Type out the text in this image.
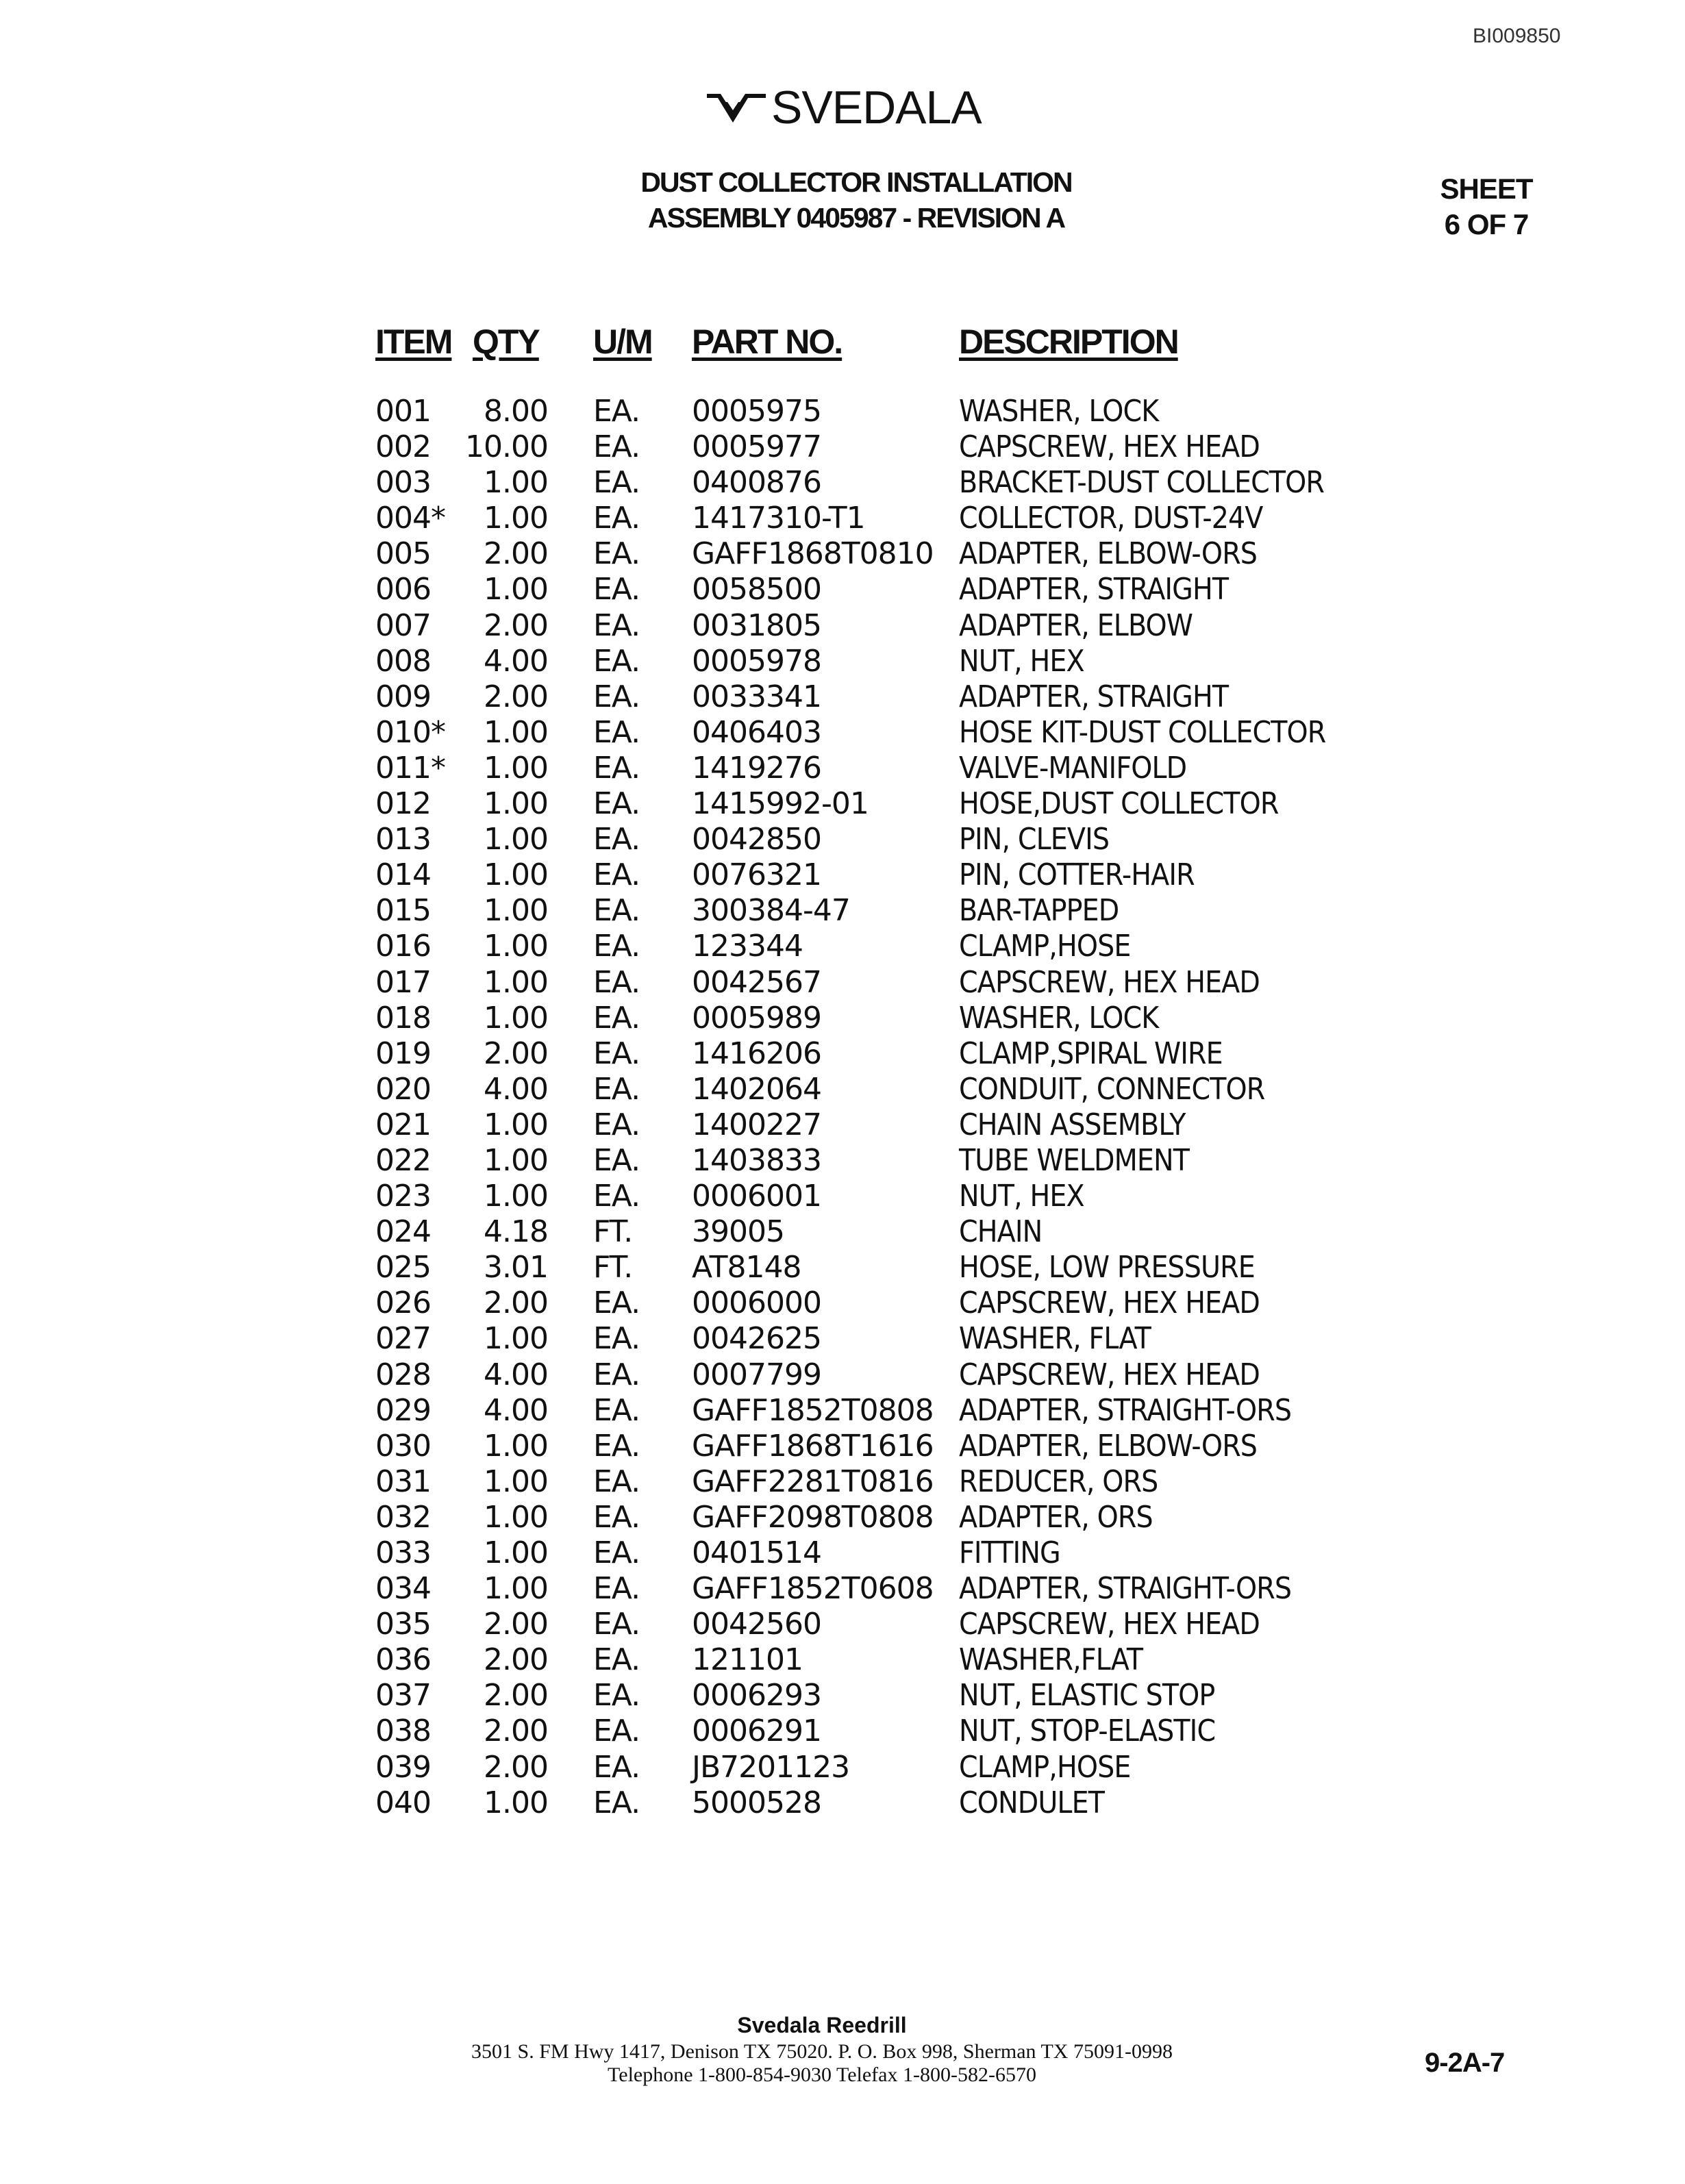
BI009850
SVEDALA
DUST COLLECTOR INSTALLATION
ASSEMBLY 0405987 - REVISION A
SHEET
6 OF 7
ITEM QTY U/M PART NO.	DESCRIPTION
001	8.00 EA. 0005975	WASHER, LOCK
002	10.00 EA. 0005977	CAPSCREW, HEX HEAD
003	1.00 EA. 0400876	BRACKET-DUST COLLECTOR
004*	1.00 EA. 1417310-T1	COLLECTOR, DUST-24V
005	2.00 EA. GAFF1868T0810 ADAPTER, ELBOW-ORS
006	1.00 EA. 0058500	ADAPTER, STRAIGHT
007	2.00 EA. 0031805	ADAPTER, ELBOW
008	4.00 EA. 0005978	NUT, HEX
009	2.00 EA. 0033341	ADAPTER, STRAIGHT
010*	1.00 EA. 0406403	HOSE KIT-DUST COLLECTOR
011*	1.00 EA. 1419276	VALVE-MANIFOLD
012	1.00 EA. 1415992-01	HOSE,DUST COLLECTOR
013	1.00 EA. 0042850	PIN, CLEVIS
014	1.00 EA. 0076321	PIN, COTTER-HAIR
015	1.00 EA. 300384-47	BAR-TAPPED
016	1.00 EA. 123344	CLAMP,HOSE
017	1.00 EA. 0042567	CAPSCREW, HEX HEAD
018	1.00 EA. 0005989	WASHER, LOCK
019	2.00 EA. 1416206	CLAMP,SPIRAL WIRE
020	4.00 EA. 1402064	CONDUIT, CONNECTOR
021	1.00 EA. 1400227	CHAIN ASSEMBLY
022	1.00 EA. 1403833	TUBE WELDMENT
023	1.00 EA. 0006001	NUT, HEX
024	4.18 FT. 39005	CHAIN
025	3.01 FT. AT8148	HOSE, LOW PRESSURE
026	2.00 EA. 0006000	CAPSCREW, HEX HEAD
027	1.00 EA. 0042625	WASHER, FLAT
028	4.00 EA. 0007799	CAPSCREW, HEX HEAD
029	4.00 EA. GAFF1852T0808 ADAPTER, STRAIGHT-ORS
030	1.00 EA. GAFF1868T1616 ADAPTER, ELBOW-ORS
031	1.00 EA. GAFF2281T0816 REDUCER, ORS
032	1.00 EA. GAFF2098T0808 ADAPTER, ORS
033	1.00 EA. 0401514	FITTING
034	1.00 EA. GAFF1852T0608 ADAPTER, STRAIGHT-ORS
035	2.00 EA. 0042560	CAPSCREW, HEX HEAD
036	2.00 EA. 121101	WASHER,FLAT
037	2.00 EA. 0006293	NUT, ELASTIC STOP
038	2.00 EA. 0006291	NUT, STOP-ELASTIC
039	2.00 EA. JB7201123	CLAMP,HOSE
040	1.00 EA. 5000528	CONDULET
Svedala Reedrill
3501 S. FM Hwy 1417, Denison TX 75020. P. O. Box 998, Sherman TX 75091-0998
Telephone 1-800-854-9030 Telefax 1-800-582-6570	9-2A-7
